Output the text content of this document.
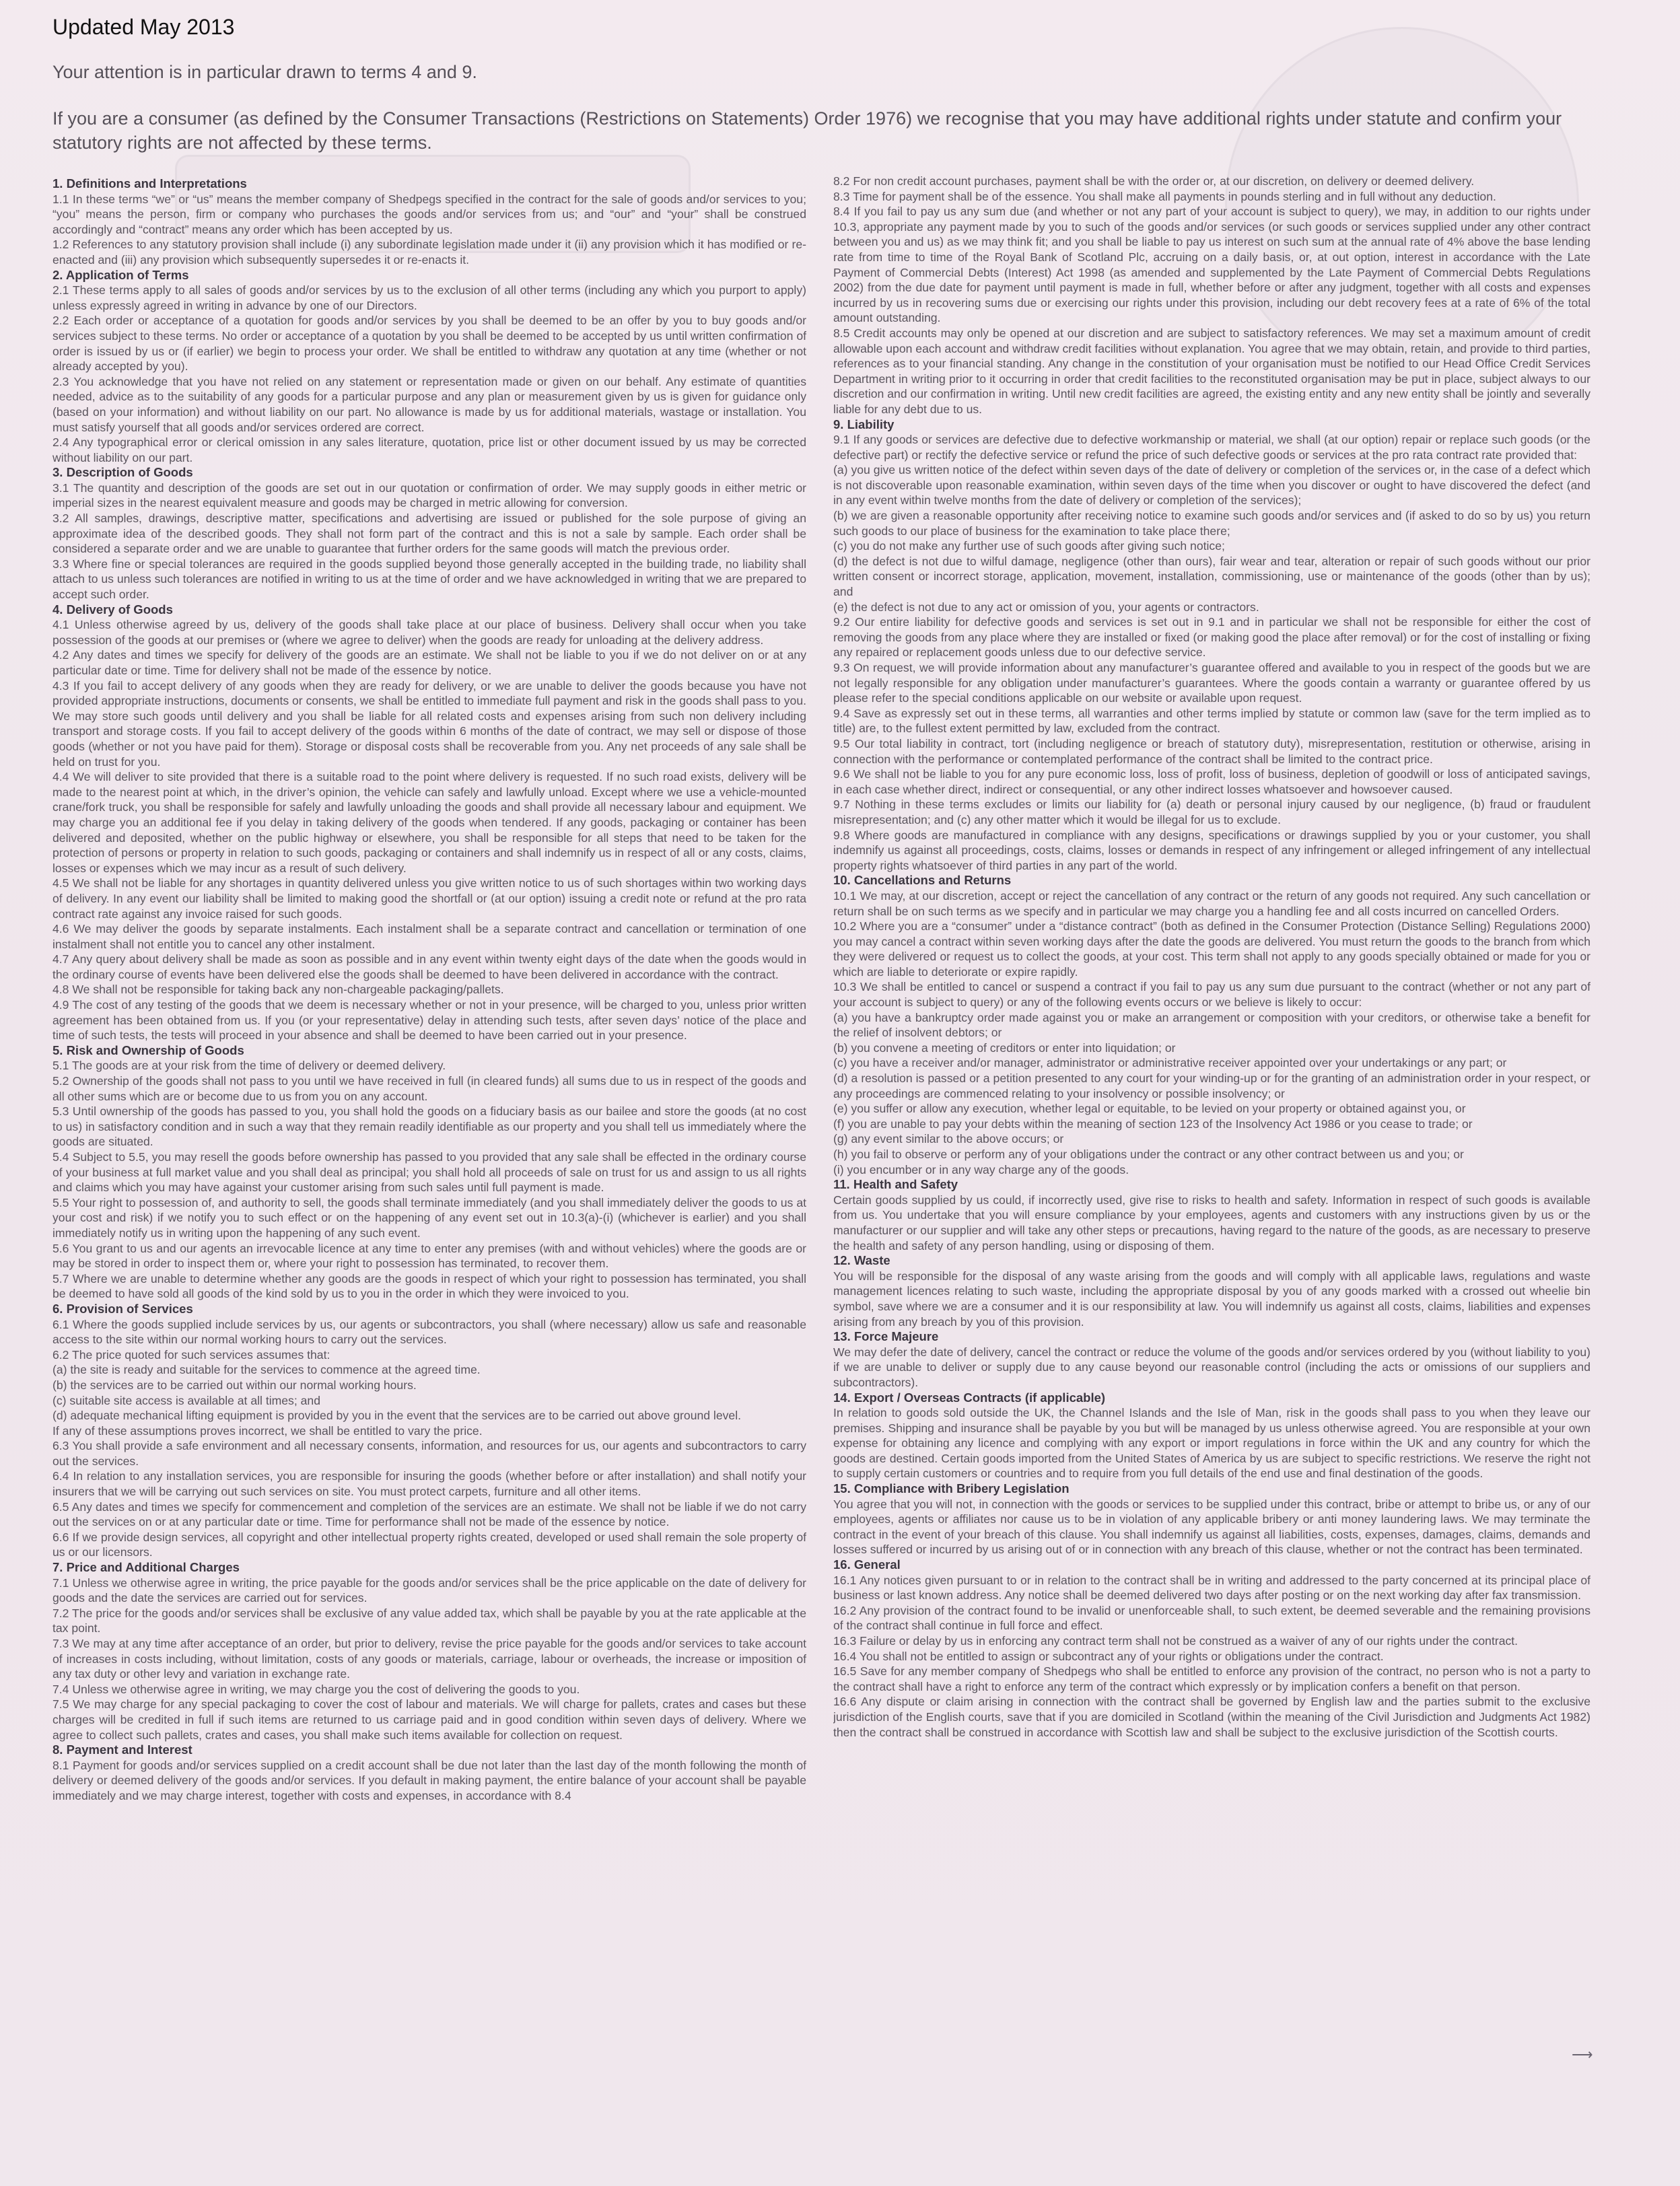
Updated May 2013
Your attention is in particular drawn to terms 4 and 9.
If you are a consumer (as defined by the Consumer Transactions (Restrictions on Statements) Order 1976) we recognise that you may have additional rights under statute and confirm your statutory rights are not affected by these terms.
1. Definitions and Interpretations

1.1 In these terms “we” or “us” means the member company of Shedpegs specified in the contract for the sale of goods and/or services to you; “you” means the person, firm or company who purchases the goods and/or services from us; and “our” and “your” shall be construed accordingly and “contract” means any order which has been accepted by us.

1.2 References to any statutory provision shall include (i) any subordinate legislation made under it (ii) any provision which it has modified or re-enacted and (iii) any provision which subsequently supersedes it or re-enacts it.

2. Application of Terms

2.1 These terms apply to all sales of goods and/or services by us to the exclusion of all other terms (including any which you purport to apply) unless expressly agreed in writing in advance by one of our Directors.

2.2 Each order or acceptance of a quotation for goods and/or services by you shall be deemed to be an offer by you to buy goods and/or services subject to these terms. No order or acceptance of a quotation by you shall be deemed to be accepted by us until written confirmation of order is issued by us or (if earlier) we begin to process your order. We shall be entitled to withdraw any quotation at any time (whether or not already accepted by you).

2.3 You acknowledge that you have not relied on any statement or representation made or given on our behalf. Any estimate of quantities needed, advice as to the suitability of any goods for a particular purpose and any plan or measurement given by us is given for guidance only (based on your information) and without liability on our part. No allowance is made by us for additional materials, wastage or installation. You must satisfy yourself that all goods and/or services ordered are correct.

2.4 Any typographical error or clerical omission in any sales literature, quotation, price list or other document issued by us may be corrected without liability on our part.

3. Description of Goods

3.1 The quantity and description of the goods are set out in our quotation or confirmation of order. We may supply goods in either metric or imperial sizes in the nearest equivalent measure and goods may be charged in metric allowing for conversion.

3.2 All samples, drawings, descriptive matter, specifications and advertising are issued or published for the sole purpose of giving an approximate idea of the described goods. They shall not form part of the contract and this is not a sale by sample. Each order shall be considered a separate order and we are unable to guarantee that further orders for the same goods will match the previous order.

3.3 Where fine or special tolerances are required in the goods supplied beyond those generally accepted in the building trade, no liability shall attach to us unless such tolerances are notified in writing to us at the time of order and we have acknowledged in writing that we are prepared to accept such order.

4. Delivery of Goods

4.1 Unless otherwise agreed by us, delivery of the goods shall take place at our place of business. Delivery shall occur when you take possession of the goods at our premises or (where we agree to deliver) when the goods are ready for unloading at the delivery address.

4.2 Any dates and times we specify for delivery of the goods are an estimate. We shall not be liable to you if we do not deliver on or at any particular date or time. Time for delivery shall not be made of the essence by notice.

4.3 If you fail to accept delivery of any goods when they are ready for delivery, or we are unable to deliver the goods because you have not provided appropriate instructions, documents or consents, we shall be entitled to immediate full payment and risk in the goods shall pass to you. We may store such goods until delivery and you shall be liable for all related costs and expenses arising from such non delivery including transport and storage costs. If you fail to accept delivery of the goods within 6 months of the date of contract, we may sell or dispose of those goods (whether or not you have paid for them). Storage or disposal costs shall be recoverable from you. Any net proceeds of any sale shall be held on trust for you.

4.4 We will deliver to site provided that there is a suitable road to the point where delivery is requested. If no such road exists, delivery will be made to the nearest point at which, in the driver’s opinion, the vehicle can safely and lawfully unload. Except where we use a vehicle-mounted crane/fork truck, you shall be responsible for safely and lawfully unloading the goods and shall provide all necessary labour and equipment. We may charge you an additional fee if you delay in taking delivery of the goods when tendered. If any goods, packaging or container has been delivered and deposited, whether on the public highway or elsewhere, you shall be responsible for all steps that need to be taken for the protection of persons or property in relation to such goods, packaging or containers and shall indemnify us in respect of all or any costs, claims, losses or expenses which we may incur as a result of such delivery.

4.5 We shall not be liable for any shortages in quantity delivered unless you give written notice to us of such shortages within two working days of delivery. In any event our liability shall be limited to making good the shortfall or (at our option) issuing a credit note or refund at the pro rata contract rate against any invoice raised for such goods.

4.6 We may deliver the goods by separate instalments. Each instalment shall be a separate contract and cancellation or termination of one instalment shall not entitle you to cancel any other instalment.

4.7 Any query about delivery shall be made as soon as possible and in any event within twenty eight days of the date when the goods would in the ordinary course of events have been delivered else the goods shall be deemed to have been delivered in accordance with the contract.

4.8 We shall not be responsible for taking back any non-chargeable packaging/pallets.

4.9 The cost of any testing of the goods that we deem is necessary whether or not in your presence, will be charged to you, unless prior written agreement has been obtained from us. If you (or your representative) delay in attending such tests, after seven days’ notice of the place and time of such tests, the tests will proceed in your absence and shall be deemed to have been carried out in your presence.

5. Risk and Ownership of Goods

5.1 The goods are at your risk from the time of delivery or deemed delivery.

5.2 Ownership of the goods shall not pass to you until we have received in full (in cleared funds) all sums due to us in respect of the goods and all other sums which are or become due to us from you on any account.

5.3 Until ownership of the goods has passed to you, you shall hold the goods on a fiduciary basis as our bailee and store the goods (at no cost to us) in satisfactory condition and in such a way that they remain readily identifiable as our property and you shall tell us immediately where the goods are situated.

5.4 Subject to 5.5, you may resell the goods before ownership has passed to you provided that any sale shall be effected in the ordinary course of your business at full market value and you shall deal as principal; you shall hold all proceeds of sale on trust for us and assign to us all rights and claims which you may have against your customer arising from such sales until full payment is made.

5.5 Your right to possession of, and authority to sell, the goods shall terminate immediately (and you shall immediately deliver the goods to us at your cost and risk) if we notify you to such effect or on the happening of any event set out in 10.3(a)-(i) (whichever is earlier) and you shall immediately notify us in writing upon the happening of any such event.

5.6 You grant to us and our agents an irrevocable licence at any time to enter any premises (with and without vehicles) where the goods are or may be stored in order to inspect them or, where your right to possession has terminated, to recover them.

5.7 Where we are unable to determine whether any goods are the goods in respect of which your right to possession has terminated, you shall be deemed to have sold all goods of the kind sold by us to you in the order in which they were invoiced to you.

6. Provision of Services

6.1 Where the goods supplied include services by us, our agents or subcontractors, you shall (where necessary) allow us safe and reasonable access to the site within our normal working hours to carry out the services.

6.2 The price quoted for such services assumes that:

(a) the site is ready and suitable for the services to commence at the agreed time.

(b) the services are to be carried out within our normal working hours.

(c) suitable site access is available at all times; and

(d) adequate mechanical lifting equipment is provided by you in the event that the services are to be carried out above ground level.

If any of these assumptions proves incorrect, we shall be entitled to vary the price.

6.3 You shall provide a safe environment and all necessary consents, information, and resources for us, our agents and subcontractors to carry out the services.

6.4 In relation to any installation services, you are responsible for insuring the goods (whether before or after installation) and shall notify your insurers that we will be carrying out such services on site. You must protect carpets, furniture and all other items.

6.5 Any dates and times we specify for commencement and completion of the services are an estimate. We shall not be liable if we do not carry out the services on or at any particular date or time. Time for performance shall not be made of the essence by notice.

6.6 If we provide design services, all copyright and other intellectual property rights created, developed or used shall remain the sole property of us or our licensors.

7. Price and Additional Charges

7.1 Unless we otherwise agree in writing, the price payable for the goods and/or services shall be the price applicable on the date of delivery for goods and the date the services are carried out for services.

7.2 The price for the goods and/or services shall be exclusive of any value added tax, which shall be payable by you at the rate applicable at the tax point.

7.3 We may at any time after acceptance of an order, but prior to delivery, revise the price payable for the goods and/or services to take account of increases in costs including, without limitation, costs of any goods or materials, carriage, labour or overheads, the increase or imposition of any tax duty or other levy and variation in exchange rate.

7.4 Unless we otherwise agree in writing, we may charge you the cost of delivering the goods to you.

7.5 We may charge for any special packaging to cover the cost of labour and materials. We will charge for pallets, crates and cases but these charges will be credited in full if such items are returned to us carriage paid and in good condition within seven days of delivery. Where we agree to collect such pallets, crates and cases, you shall make such items available for collection on request.

8. Payment and Interest

8.1 Payment for goods and/or services supplied on a credit account shall be due not later than the last day of the month following the month of delivery or deemed delivery of the goods and/or services. If you default in making payment, the entire balance of your account shall be payable immediately and we may charge interest, together with costs and expenses, in accordance with 8.4

8.2 For non credit account purchases, payment shall be with the order or, at our discretion, on delivery or deemed delivery.

8.3 Time for payment shall be of the essence. You shall make all payments in pounds sterling and in full without any deduction.

8.4 If you fail to pay us any sum due (and whether or not any part of your account is subject to query), we may, in addition to our rights under 10.3, appropriate any payment made by you to such of the goods and/or services (or such goods or services supplied under any other contract between you and us) as we may think fit; and you shall be liable to pay us interest on such sum at the annual rate of 4% above the base lending rate from time to time of the Royal Bank of Scotland Plc, accruing on a daily basis, or, at out option, interest in accordance with the Late Payment of Commercial Debts (Interest) Act 1998 (as amended and supplemented by the Late Payment of Commercial Debts Regulations 2002) from the due date for payment until payment is made in full, whether before or after any judgment, together with all costs and expenses incurred by us in recovering sums due or exercising our rights under this provision, including our debt recovery fees at a rate of 6% of the total amount outstanding.

8.5 Credit accounts may only be opened at our discretion and are subject to satisfactory references. We may set a maximum amount of credit allowable upon each account and withdraw credit facilities without explanation. You agree that we may obtain, retain, and provide to third parties, references as to your financial standing. Any change in the constitution of your organisation must be notified to our Head Office Credit Services Department in writing prior to it occurring in order that credit facilities to the reconstituted organisation may be put in place, subject always to our discretion and our confirmation in writing. Until new credit facilities are agreed, the existing entity and any new entity shall be jointly and severally liable for any debt due to us.

9. Liability

9.1 If any goods or services are defective due to defective workmanship or material, we shall (at our option) repair or replace such goods (or the defective part) or rectify the defective service or refund the price of such defective goods or services at the pro rata contract rate provided that:

(a) you give us written notice of the defect within seven days of the date of delivery or completion of the services or, in the case of a defect which is not discoverable upon reasonable examination, within seven days of the time when you discover or ought to have discovered the defect (and in any event within twelve months from the date of delivery or completion of the services);

(b) we are given a reasonable opportunity after receiving notice to examine such goods and/or services and (if asked to do so by us) you return such goods to our place of business for the examination to take place there;

(c) you do not make any further use of such goods after giving such notice;

(d) the defect is not due to wilful damage, negligence (other than ours), fair wear and tear, alteration or repair of such goods without our prior written consent or incorrect storage, application, movement, installation, commissioning, use or maintenance of the goods (other than by us); and

(e) the defect is not due to any act or omission of you, your agents or contractors.

9.2 Our entire liability for defective goods and services is set out in 9.1 and in particular we shall not be responsible for either the cost of removing the goods from any place where they are installed or fixed (or making good the place after removal) or for the cost of installing or fixing any repaired or replacement goods unless due to our defective service.

9.3 On request, we will provide information about any manufacturer’s guarantee offered and available to you in respect of the goods but we are not legally responsible for any obligation under manufacturer’s guarantees. Where the goods contain a warranty or guarantee offered by us please refer to the special conditions applicable on our website or available upon request.

9.4 Save as expressly set out in these terms, all warranties and other terms implied by statute or common law (save for the term implied as to title) are, to the fullest extent permitted by law, excluded from the contract.

9.5 Our total liability in contract, tort (including negligence or breach of statutory duty), misrepresentation, restitution or otherwise, arising in connection with the performance or contemplated performance of the contract shall be limited to the contract price.

9.6 We shall not be liable to you for any pure economic loss, loss of profit, loss of business, depletion of goodwill or loss of anticipated savings, in each case whether direct, indirect or consequential, or any other indirect losses whatsoever and howsoever caused.

9.7 Nothing in these terms excludes or limits our liability for (a) death or personal injury caused by our negligence, (b) fraud or fraudulent misrepresentation; and (c) any other matter which it would be illegal for us to exclude.

9.8 Where goods are manufactured in compliance with any designs, specifications or drawings supplied by you or your customer, you shall indemnify us against all proceedings, costs, claims, losses or demands in respect of any infringement or alleged infringement of any intellectual property rights whatsoever of third parties in any part of the world.

10. Cancellations and Returns

10.1 We may, at our discretion, accept or reject the cancellation of any contract or the return of any goods not required. Any such cancellation or return shall be on such terms as we specify and in particular we may charge you a handling fee and all costs incurred on cancelled Orders.

10.2 Where you are a “consumer” under a “distance contract” (both as defined in the Consumer Protection (Distance Selling) Regulations 2000) you may cancel a contract within seven working days after the date the goods are delivered. You must return the goods to the branch from which they were delivered or request us to collect the goods, at your cost. This term shall not apply to any goods specially obtained or made for you or which are liable to deteriorate or expire rapidly.

10.3 We shall be entitled to cancel or suspend a contract if you fail to pay us any sum due pursuant to the contract (whether or not any part of your account is subject to query) or any of the following events occurs or we believe is likely to occur:

(a) you have a bankruptcy order made against you or make an arrangement or composition with your creditors, or otherwise take a benefit for the relief of insolvent debtors; or

(b) you convene a meeting of creditors or enter into liquidation; or

(c) you have a receiver and/or manager, administrator or administrative receiver appointed over your undertakings or any part; or

(d) a resolution is passed or a petition presented to any court for your winding-up or for the granting of an administration order in your respect, or any proceedings are commenced relating to your insolvency or possible insolvency; or

(e) you suffer or allow any execution, whether legal or equitable, to be levied on your property or obtained against you, or

(f) you are unable to pay your debts within the meaning of section 123 of the Insolvency Act 1986 or you cease to trade; or

(g) any event similar to the above occurs; or

(h) you fail to observe or perform any of your obligations under the contract or any other contract between us and you; or

(i) you encumber or in any way charge any of the goods.

11. Health and Safety

Certain goods supplied by us could, if incorrectly used, give rise to risks to health and safety. Information in respect of such goods is available from us. You undertake that you will ensure compliance by your employees, agents and customers with any instructions given by us or the manufacturer or our supplier and will take any other steps or precautions, having regard to the nature of the goods, as are necessary to preserve the health and safety of any person handling, using or disposing of them.

12. Waste

You will be responsible for the disposal of any waste arising from the goods and will comply with all applicable laws, regulations and waste management licences relating to such waste, including the appropriate disposal by you of any goods marked with a crossed out wheelie bin symbol, save where we are a consumer and it is our responsibility at law. You will indemnify us against all costs, claims, liabilities and expenses arising from any breach by you of this provision.

13. Force Majeure

We may defer the date of delivery, cancel the contract or reduce the volume of the goods and/or services ordered by you (without liability to you) if we are unable to deliver or supply due to any cause beyond our reasonable control (including the acts or omissions of our suppliers and subcontractors).

14. Export / Overseas Contracts (if applicable)

In relation to goods sold outside the UK, the Channel Islands and the Isle of Man, risk in the goods shall pass to you when they leave our premises. Shipping and insurance shall be payable by you but will be managed by us unless otherwise agreed. You are responsible at your own expense for obtaining any licence and complying with any export or import regulations in force within the UK and any country for which the goods are destined. Certain goods imported from the United States of America by us are subject to specific restrictions. We reserve the right not to supply certain customers or countries and to require from you full details of the end use and final destination of the goods.

15. Compliance with Bribery Legislation

You agree that you will not, in connection with the goods or services to be supplied under this contract, bribe or attempt to bribe us, or any of our employees, agents or affiliates nor cause us to be in violation of any applicable bribery or anti money laundering laws. We may terminate the contract in the event of your breach of this clause. You shall indemnify us against all liabilities, costs, expenses, damages, claims, demands and losses suffered or incurred by us arising out of or in connection with any breach of this clause, whether or not the contract has been terminated.

16. General

16.1 Any notices given pursuant to or in relation to the contract shall be in writing and addressed to the party concerned at its principal place of business or last known address. Any notice shall be deemed delivered two days after posting or on the next working day after fax transmission.

16.2 Any provision of the contract found to be invalid or unenforceable shall, to such extent, be deemed severable and the remaining provisions of the contract shall continue in full force and effect.

16.3 Failure or delay by us in enforcing any contract term shall not be construed as a waiver of any of our rights under the contract.

16.4 You shall not be entitled to assign or subcontract any of your rights or obligations under the contract.

16.5 Save for any member company of Shedpegs who shall be entitled to enforce any provision of the contract, no person who is not a party to the contract shall have a right to enforce any term of the contract which expressly or by implication confers a benefit on that person.

16.6 Any dispute or claim arising in connection with the contract shall be governed by English law and the parties submit to the exclusive jurisdiction of the English courts, save that if you are domiciled in Scotland (within the meaning of the Civil Jurisdiction and Judgments Act 1982) then the contract shall be construed in accordance with Scottish law and shall be subject to the exclusive jurisdiction of the Scottish courts.

⟶
